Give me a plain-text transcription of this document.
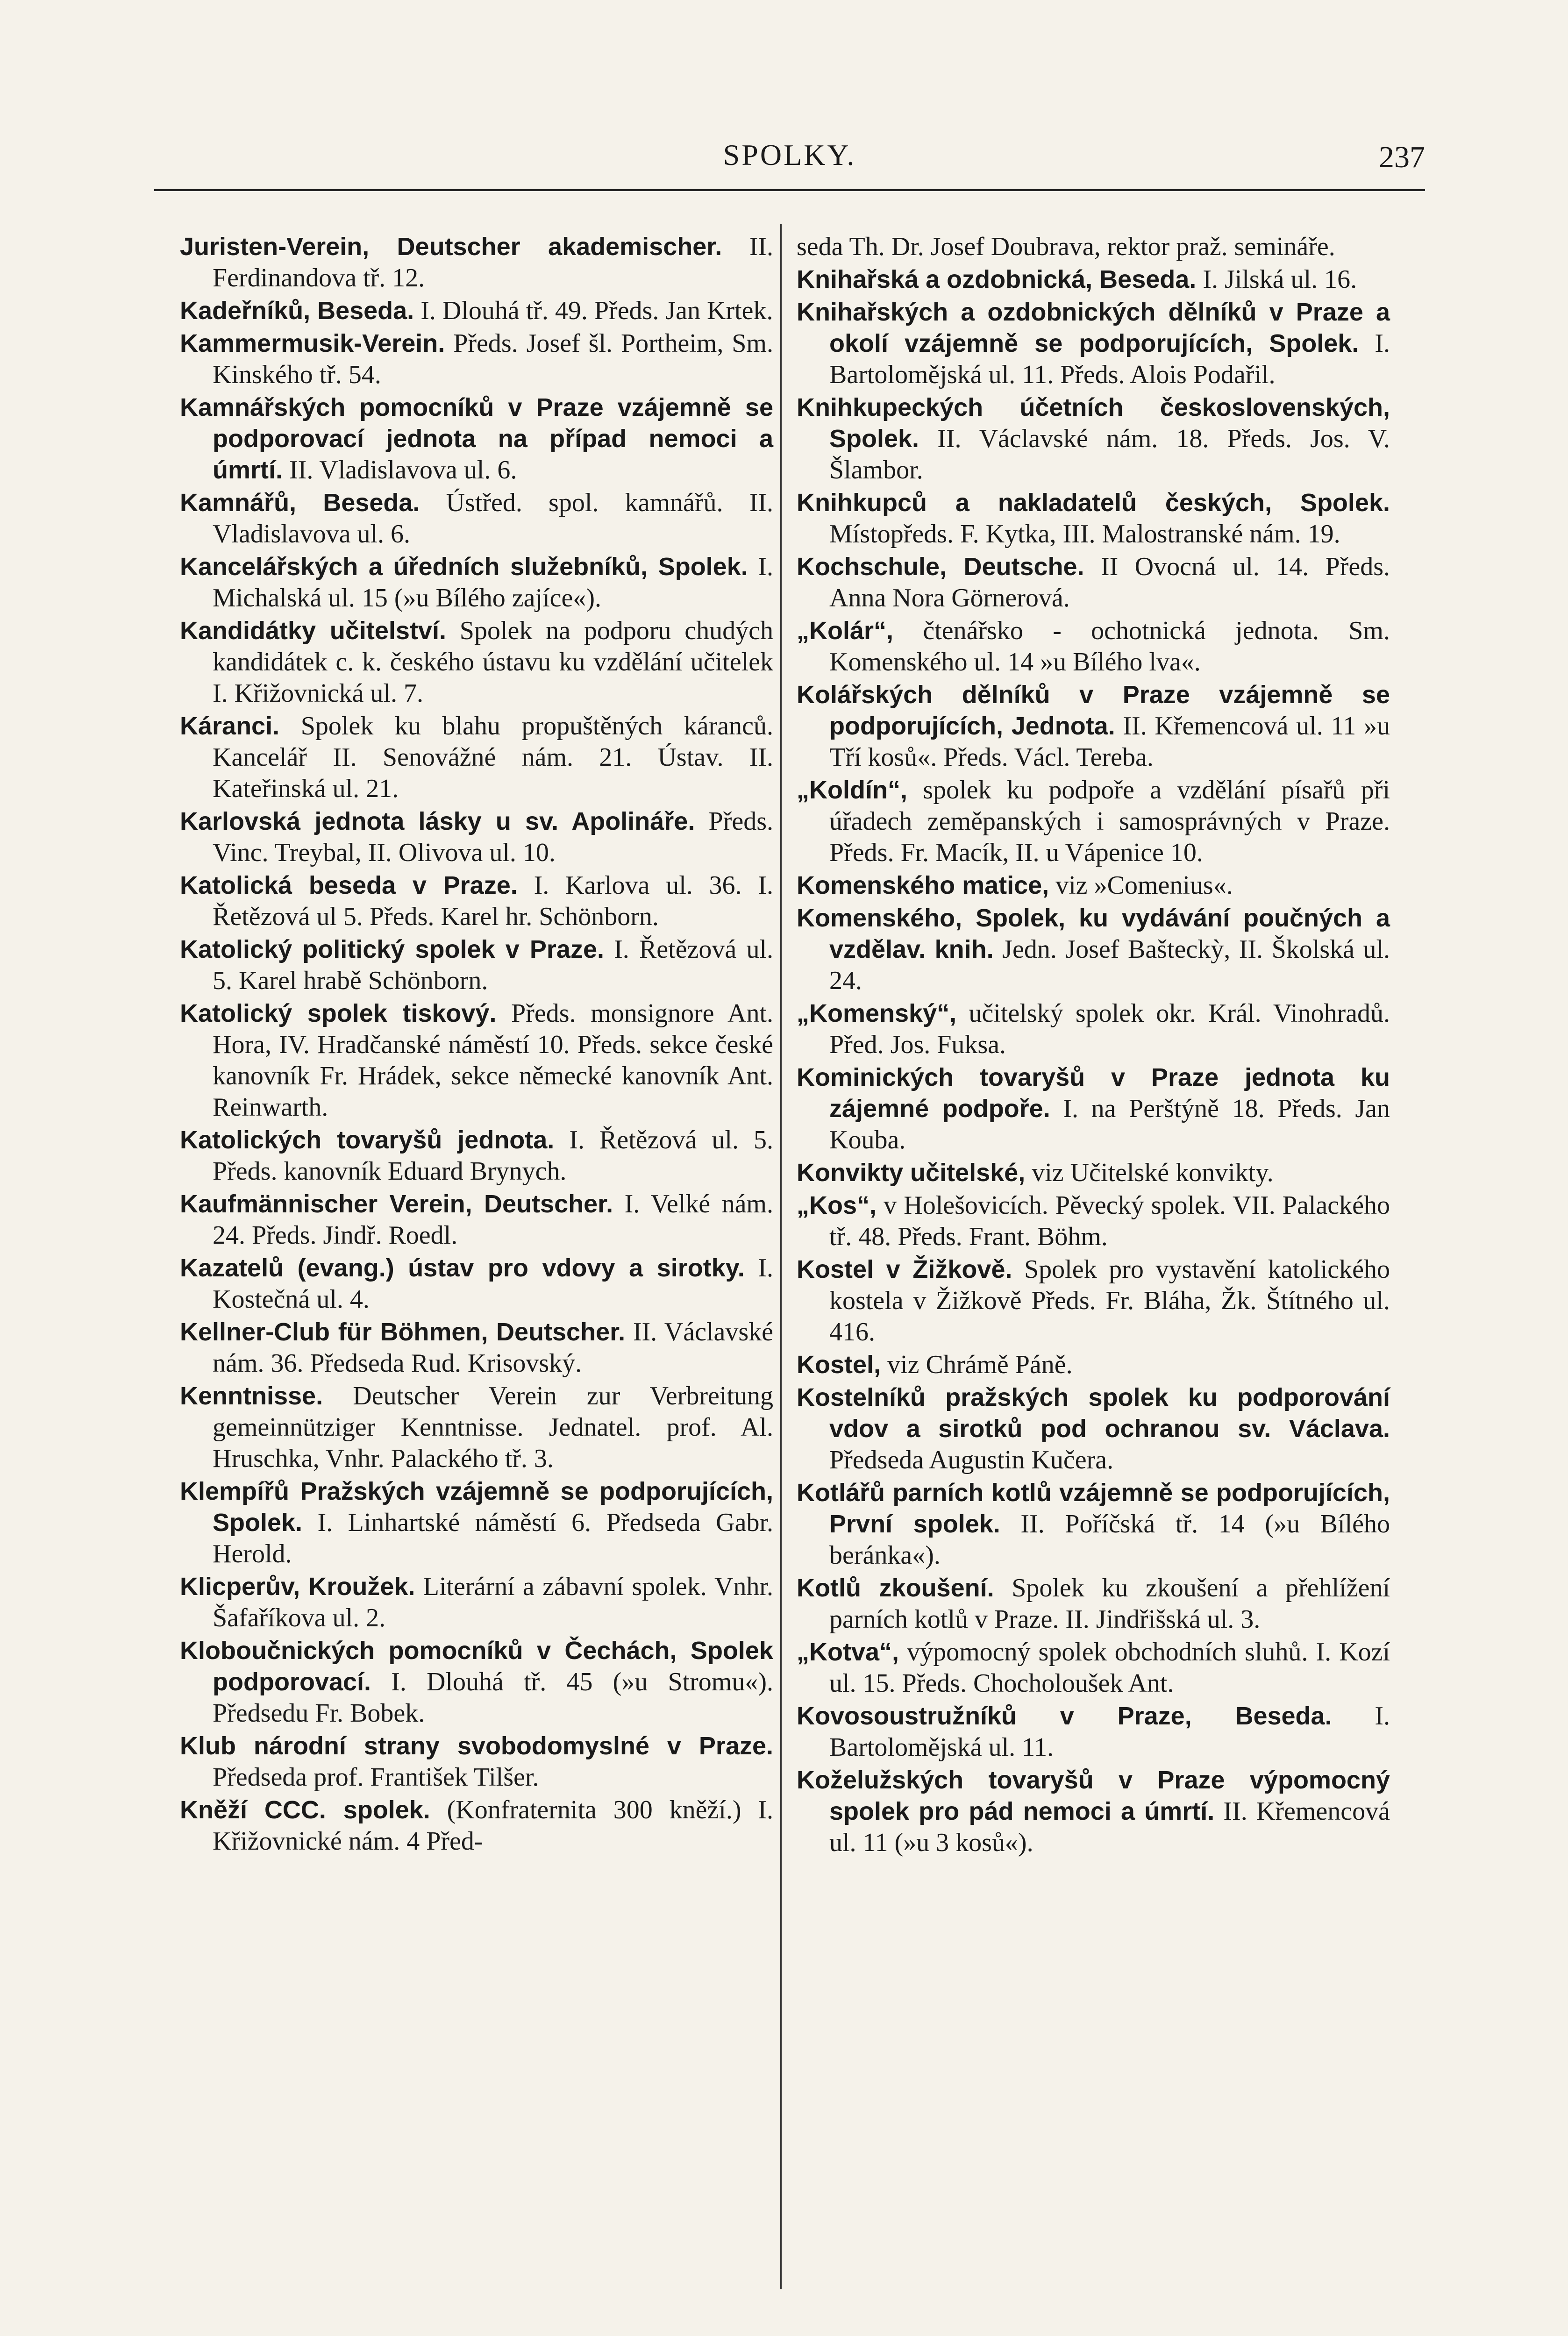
SPOLKY.	237

Juristen-Verein, Deutscher akademischer. II. Ferdinandova tř. 12.

Kadeřníků, Beseda. I. Dlouhá tř. 49. Předs. Jan Krtek.

Kammermusik-Verein. Předs. Josef šl. Portheim, Sm. Kinského tř. 54.

Kamnářských pomocníků v Praze vzájemně se podporovací jednota na případ nemoci a úmrtí. II. Vladislavova ul. 6.

Kamnářů, Beseda. Ústřed. spol. kamnářů. II. Vladislavova ul. 6.

Kancelářských a úředních služebníků, Spolek. I. Michalská ul. 15 (»u Bílého zajíce«).

Kandidátky učitelství. Spolek na podporu chudých kandidátek c. k. českého ústavu ku vzdělání učitelek I. Křižovnická ul. 7.

Káranci. Spolek ku blahu propuštěných káranců. Kancelář II. Senovážné nám. 21. Ústav. II. Kateřinská ul. 21.

Karlovská jednota lásky u sv. Apolináře. Předs. Vinc. Treybal, II. Olivova ul. 10.

Katolická beseda v Praze. I. Karlova ul. 36. I. Řetězová ul 5. Předs. Karel hr. Schönborn.

Katolický politický spolek v Praze. I. Řetězová ul. 5. Karel hrabě Schönborn.

Katolický spolek tiskový. Předs. monsignore Ant. Hora, IV. Hradčanské náměstí 10. Předs. sekce české kanovník Fr. Hrádek, sekce německé kanovník Ant. Reinwarth.

Katolických tovaryšů jednota. I. Řetězová ul. 5. Předs. kanovník Eduard Brynych.

Kaufmännischer Verein, Deutscher. I. Velké nám. 24. Předs. Jindř. Roedl.

Kazatelů (evang.) ústav pro vdovy a sirotky. I. Kostečná ul. 4.

Kellner-Club für Böhmen, Deutscher. II. Václavské nám. 36. Předseda Rud. Krisovský.

Kenntnisse. Deutscher Verein zur Verbreitung gemeinnütziger Kenntnisse. Jednatel. prof. Al. Hruschka, Vnhr. Palackého tř. 3.

Klempířů Pražských vzájemně se podporujících, Spolek. I. Linhartské náměstí 6. Předseda Gabr. Herold.

Klicperův, Kroužek. Literární a zábavní spolek. Vnhr. Šafaříkova ul. 2.

Kloboučnických pomocníků v Čechách, Spolek podporovací. I. Dlouhá tř. 45 (»u Stromu«). Předsedu Fr. Bobek.

Klub národní strany svobodomyslné v Praze. Předseda prof. František Tilšer.

Kněží CCC. spolek. (Konfraternita 300 kněží.) I. Křižovnické nám. 4 Před-

seda Th. Dr. Josef Doubrava, rektor praž. semináře.

Knihařská a ozdobnická, Beseda. I. Jilská ul. 16.

Knihařských a ozdobnických dělníků v Praze a okolí vzájemně se podporujících, Spolek. I. Bartolomějská ul. 11. Předs. Alois Podařil.

Knihkupeckých účetních československých, Spolek. II. Václavské nám. 18. Předs. Jos. V. Šlambor.

Knihkupců a nakladatelů českých, Spolek. Místopředs. F. Kytka, III. Malostranské nám. 19.

Kochschule, Deutsche. II Ovocná ul. 14. Předs. Anna Nora Görnerová.

„Kolár“, čtenářsko - ochotnická jednota. Sm. Komenského ul. 14 »u Bílého lva«.

Kolářských dělníků v Praze vzájemně se podporujících, Jednota. II. Křemencová ul. 11 »u Tří kosů«. Předs. Václ. Tereba.

„Koldín“, spolek ku podpoře a vzdělání písařů při úřadech zeměpanských i samosprávných v Praze. Předs. Fr. Macík, II. u Vápenice 10.

Komenského matice, viz »Comenius«.

Komenského, Spolek, ku vydávání poučných a vzdělav. knih. Jedn. Josef Bašteckỳ, II. Školská ul. 24.

„Komenský“, učitelský spolek okr. Král. Vinohradů. Před. Jos. Fuksa.

Kominických tovaryšů v Praze jednota ku zájemné podpoře. I. na Perštýně 18. Předs. Jan Kouba.

Konvikty učitelské, viz Učitelské konvikty.

„Kos“, v Holešovicích. Pěvecký spolek. VII. Palackého tř. 48. Předs. Frant. Böhm.

Kostel v Žižkově. Spolek pro vystavění katolického kostela v Žižkově Předs. Fr. Bláha, Žk. Štítného ul. 416.

Kostel, viz Chrámě Páně.

Kostelníků pražských spolek ku podporování vdov a sirotků pod ochranou sv. Václava. Předseda Augustin Kučera.

Kotlářů parních kotlů vzájemně se podporujících, První spolek. II. Poříčská tř. 14 (»u Bílého beránka«).

Kotlů zkoušení. Spolek ku zkoušení a přehlížení parních kotlů v Praze. II. Jindřišská ul. 3.

„Kotva“, výpomocný spolek obchodních sluhů. I. Kozí ul. 15. Předs. Chocholoušek Ant.

Kovosoustružníků v Praze, Beseda. I. Bartolomějská ul. 11.

Koželužských tovaryšů v Praze výpomocný spolek pro pád nemoci a úmrtí. II. Křemencová ul. 11 (»u 3 kosů«).
